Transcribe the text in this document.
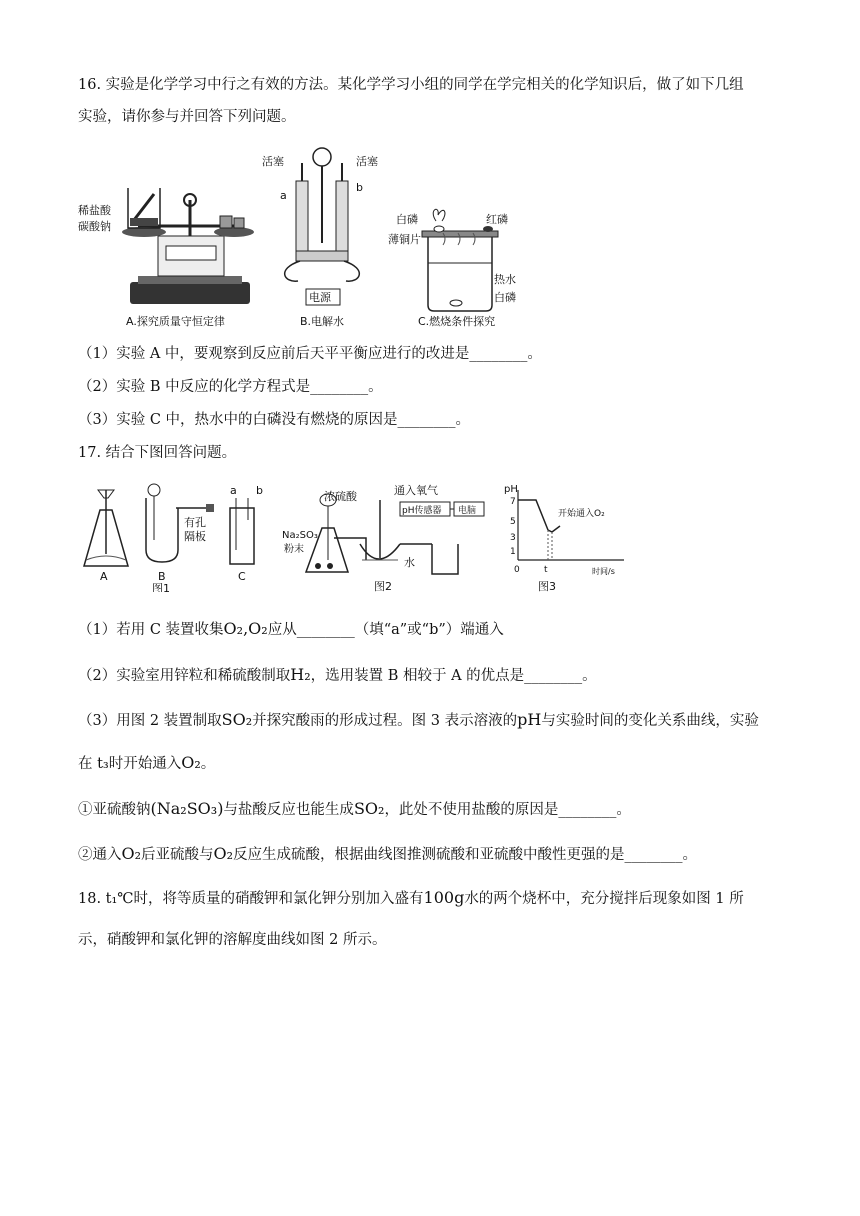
16. 实验是化学学习中行之有效的方法。某化学学习小组的同学在学完相关的化学知识后，做了如下几组
实验，请你参与并回答下列问题。
稀盐酸
碳酸钠
A.探究质量守恒定律
活塞	活塞
a
b
电源
B.电解水
白磷	红磷
薄铜片
热水
白磷
C.燃烧条件探究
（1）实验 A 中，要观察到反应前后天平平衡应进行的改进是________。
（2）实验 B 中反应的化学方程式是________。
（3）实验 C 中，热水中的白磷没有燃烧的原因是________。
17. 结合下图回答问题。
A	B	C
a b
有孔
隔板
图1
浓硫酸	通入氧气
pH传感器 电脑
Na₂SO₃
粉末
水
图2
pH
7
5
3
1
0	t
开始通入O₂
时间/s
图3
（1）若用 C 装置收集O₂,O₂应从________（填“a”或“b”）端通入
（2）实验室用锌粒和稀硫酸制取H₂，选用装置 B 相较于 A 的优点是________。
（3）用图 2 装置制取SO₂并探究酸雨的形成过程。图 3 表示溶液的pH与实验时间的变化关系曲线，实验
在 t₃时开始通入O₂。
①亚硫酸钠(Na₂SO₃)与盐酸反应也能生成SO₂，此处不使用盐酸的原因是________。
②通入O₂后亚硫酸与O₂反应生成硫酸，根据曲线图推测硫酸和亚硫酸中酸性更强的是________。
18. t₁℃时，将等质量的硝酸钾和氯化钾分别加入盛有100g水的两个烧杯中，充分搅拌后现象如图 1 所
示，硝酸钾和氯化钾的溶解度曲线如图 2 所示。
